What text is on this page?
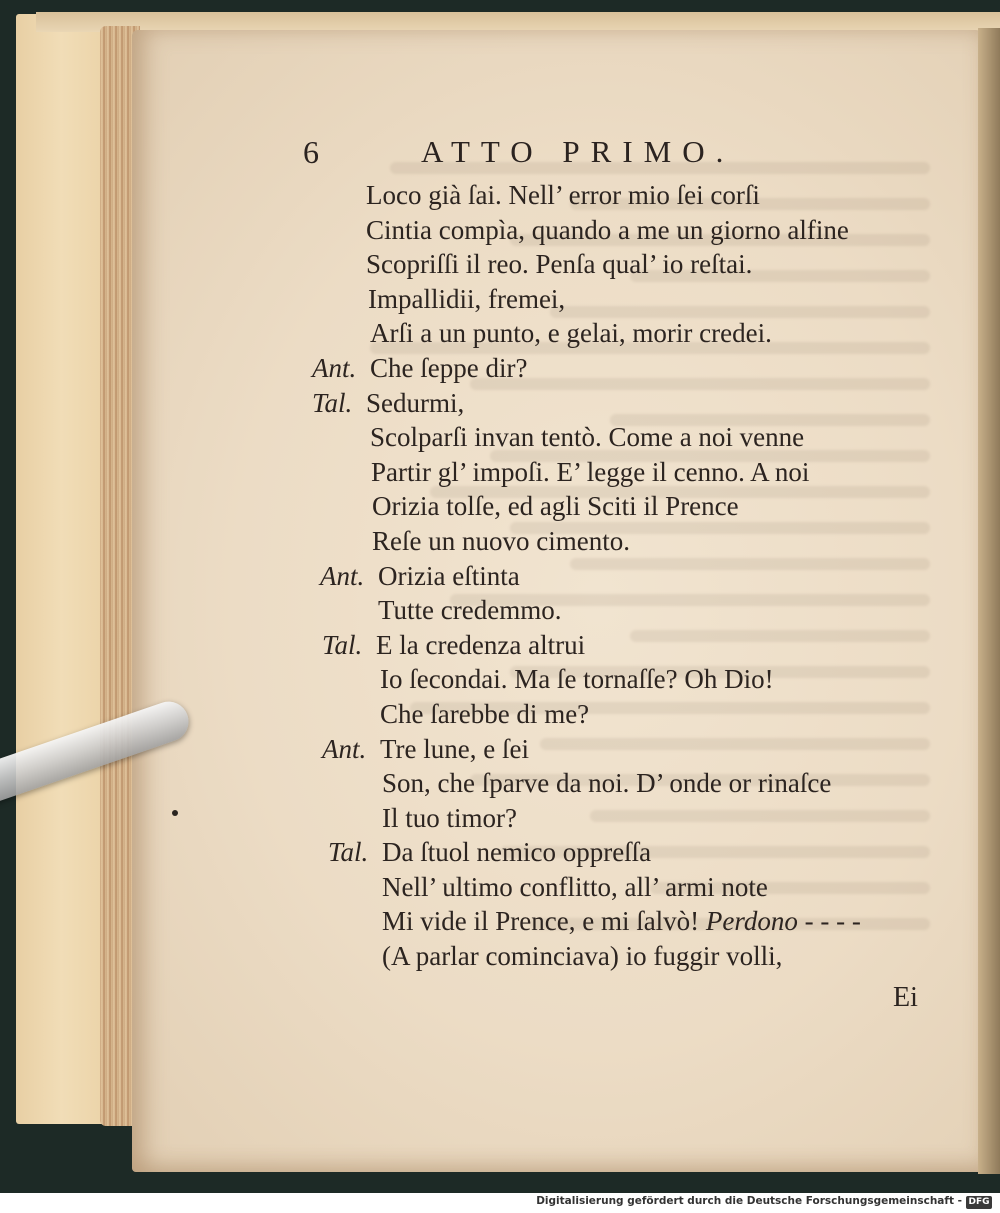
6	ATTO PRIMO.
Loco già ſai. Nell’ error mio ſei corſi
Cintia compìa, quando a me un giorno alfine
Scopriſſi il reo. Penſa qual’ io reſtai.
Impallidii, fremei,
Arſi a un punto, e gelai, morir credei.
Ant. Che ſeppe dir?
Tal. Sedurmi,
Scolparſi invan tentò. Come a noi venne
Partir gl’ impoſi. E’ legge il cenno. A noi
Orizia tolſe, ed agli Sciti il Prence
Reſe un nuovo cimento.
Ant. Orizia eſtinta
Tutte credemmo.
Tal. E la credenza altrui
Io ſecondai. Ma ſe tornaſſe? Oh Dio!
Che ſarebbe di me?
Ant. Tre lune, e ſei
Son, che ſparve da noi. D’ onde or rinaſce
Il tuo timor?
Tal. Da ſtuol nemico oppreſſa
Nell’ ultimo conflitto, all’ armi note
Mi vide il Prence, e mi ſalvò! Perdono - - - -
(A parlar cominciava) io fuggir volli,
Ei
Digitalisierung gefördert durch die Deutsche Forschungsgemeinschaft - DFG
